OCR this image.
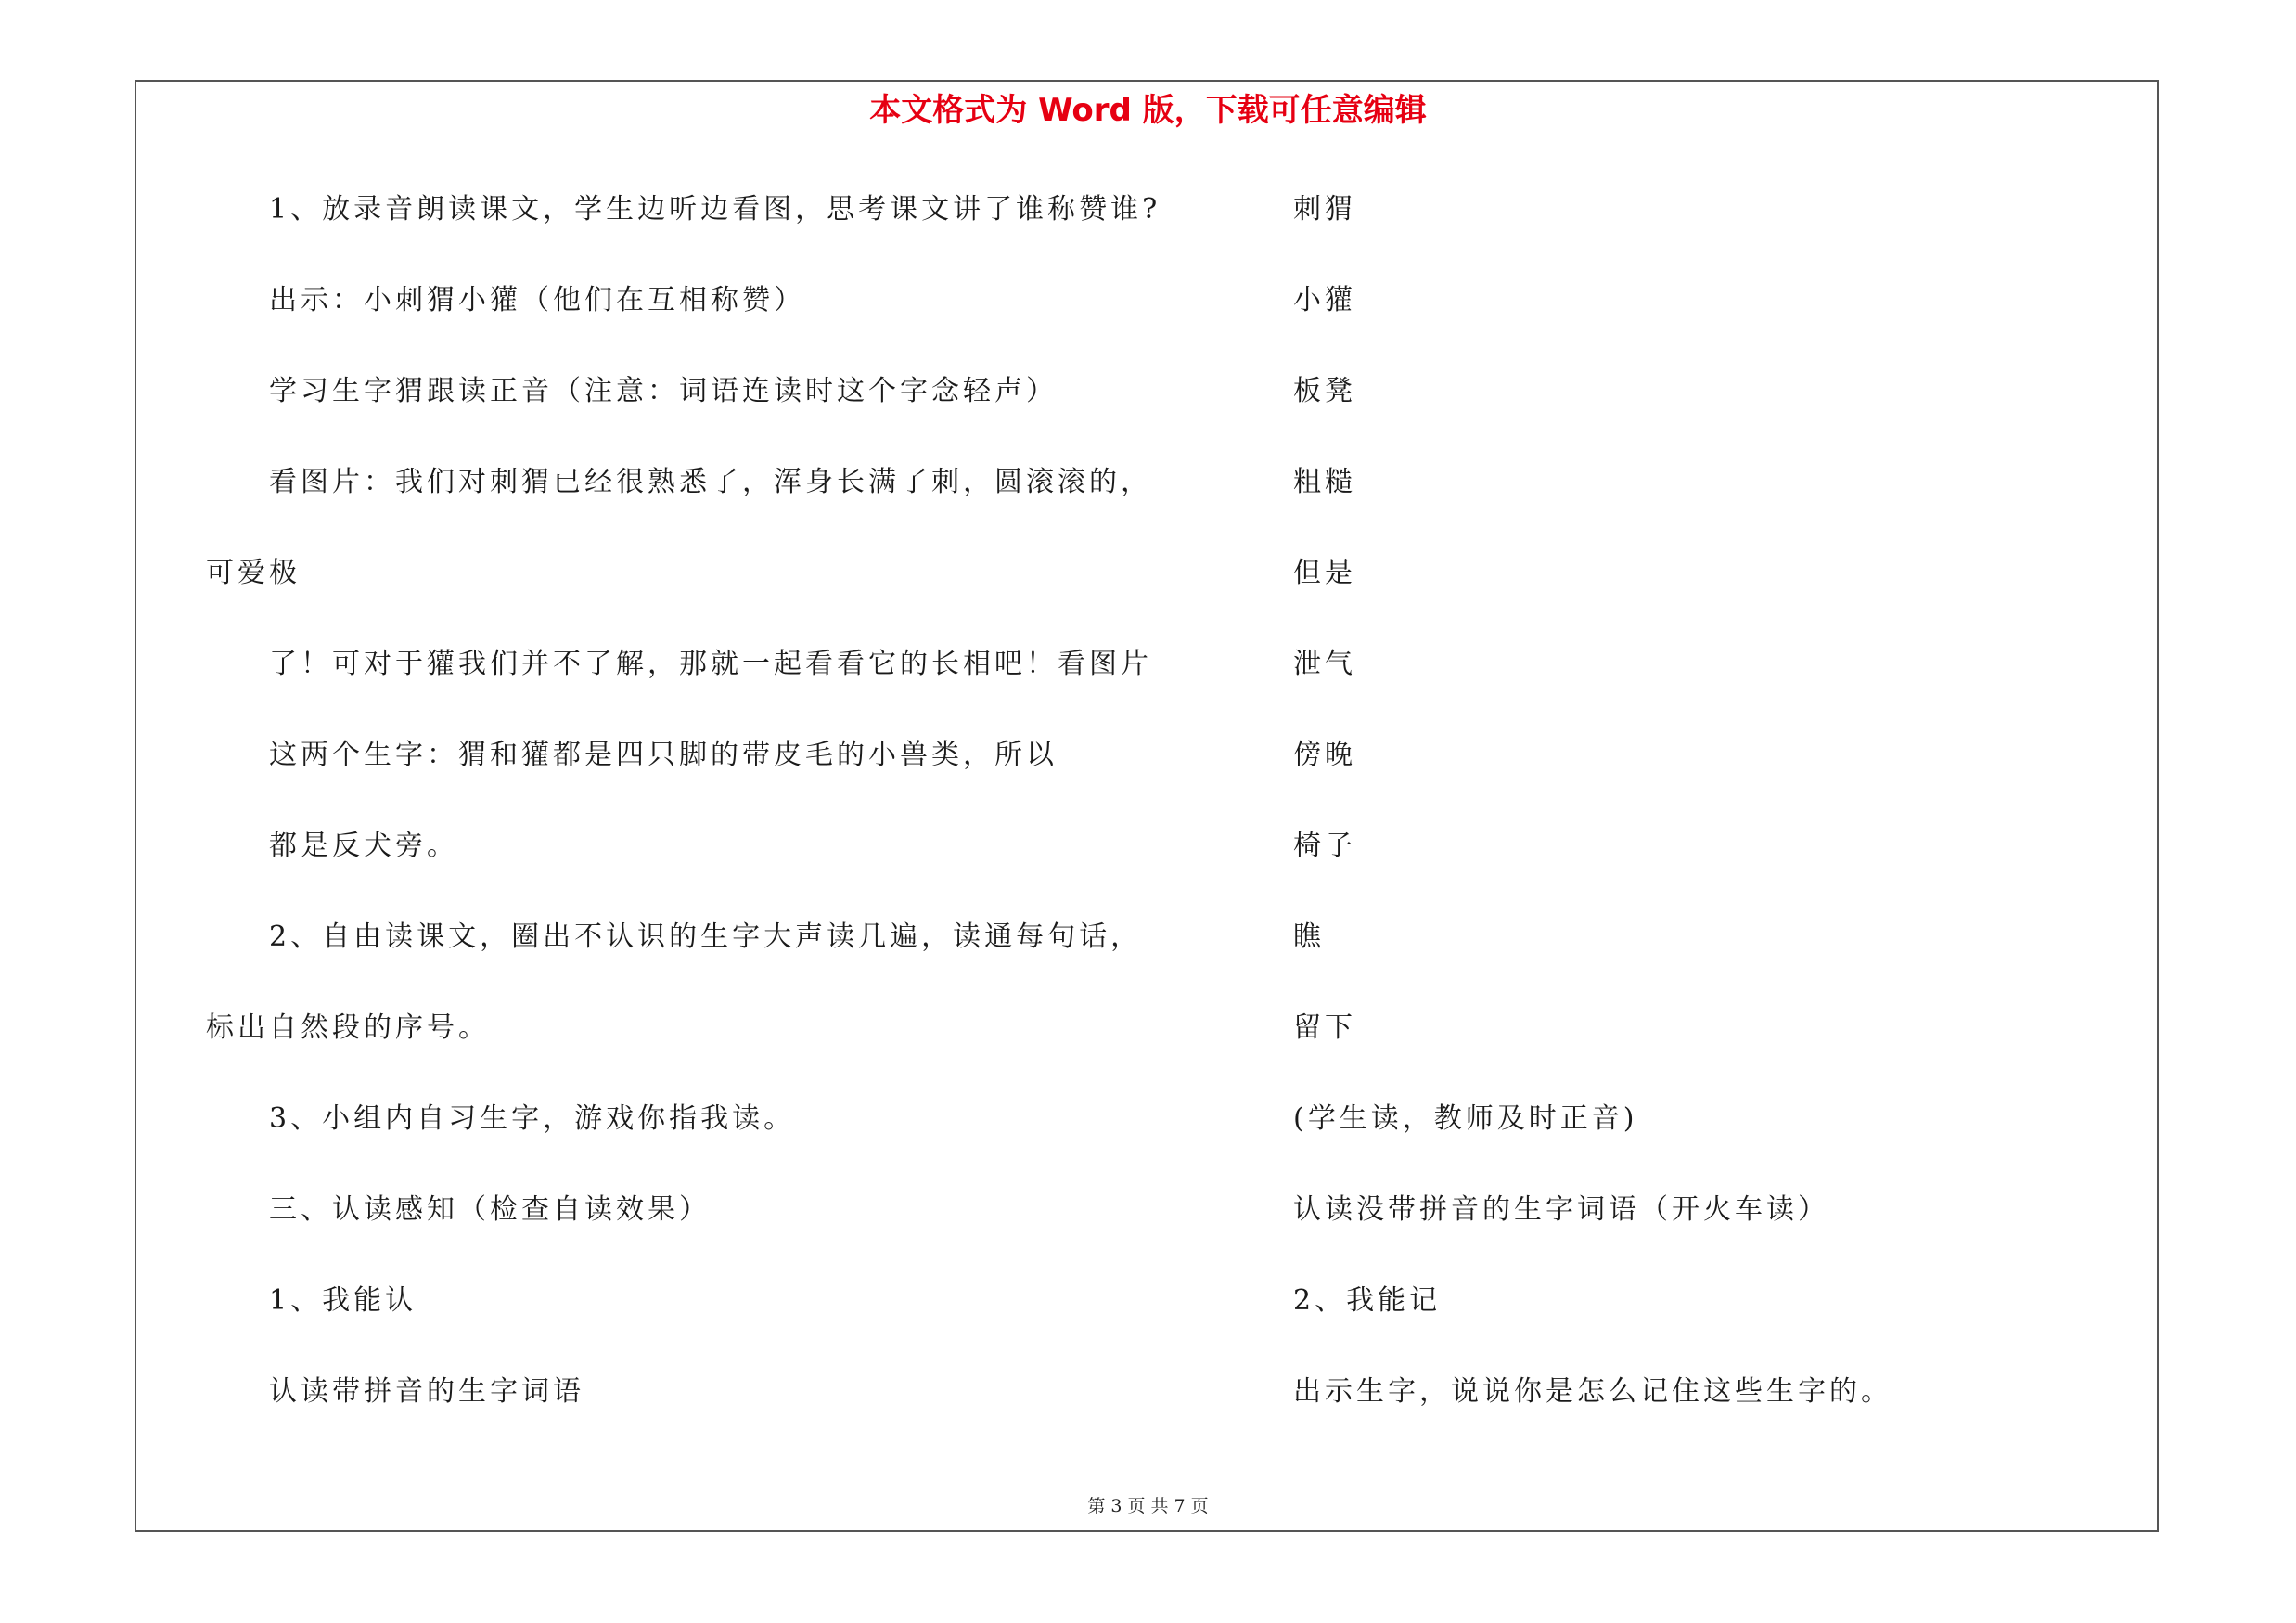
本文格式为 Word 版，下载可任意编辑
1、放录音朗读课文，学生边听边看图，思考课文讲了谁称赞谁?
出示：小刺猬小獾（他们在互相称赞）
学习生字猬跟读正音（注意：词语连读时这个字念轻声）
看图片：我们对刺猬已经很熟悉了，浑身长满了刺，圆滚滚的，
可爱极
了！可对于獾我们并不了解，那就一起看看它的长相吧！看图片
这两个生字：猬和獾都是四只脚的带皮毛的小兽类，所以
都是反犬旁。
2、自由读课文，圈出不认识的生字大声读几遍，读通每句话，
标出自然段的序号。
3、小组内自习生字，游戏你指我读。
三、认读感知（检查自读效果）
1、我能认
认读带拼音的生字词语
刺猬
小獾
板凳
粗糙
但是
泄气
傍晚
椅子
瞧
留下
(学生读，教师及时正音)
认读没带拼音的生字词语（开火车读）
2、我能记
出示生字，说说你是怎么记住这些生字的。
第 3 页 共 7 页
